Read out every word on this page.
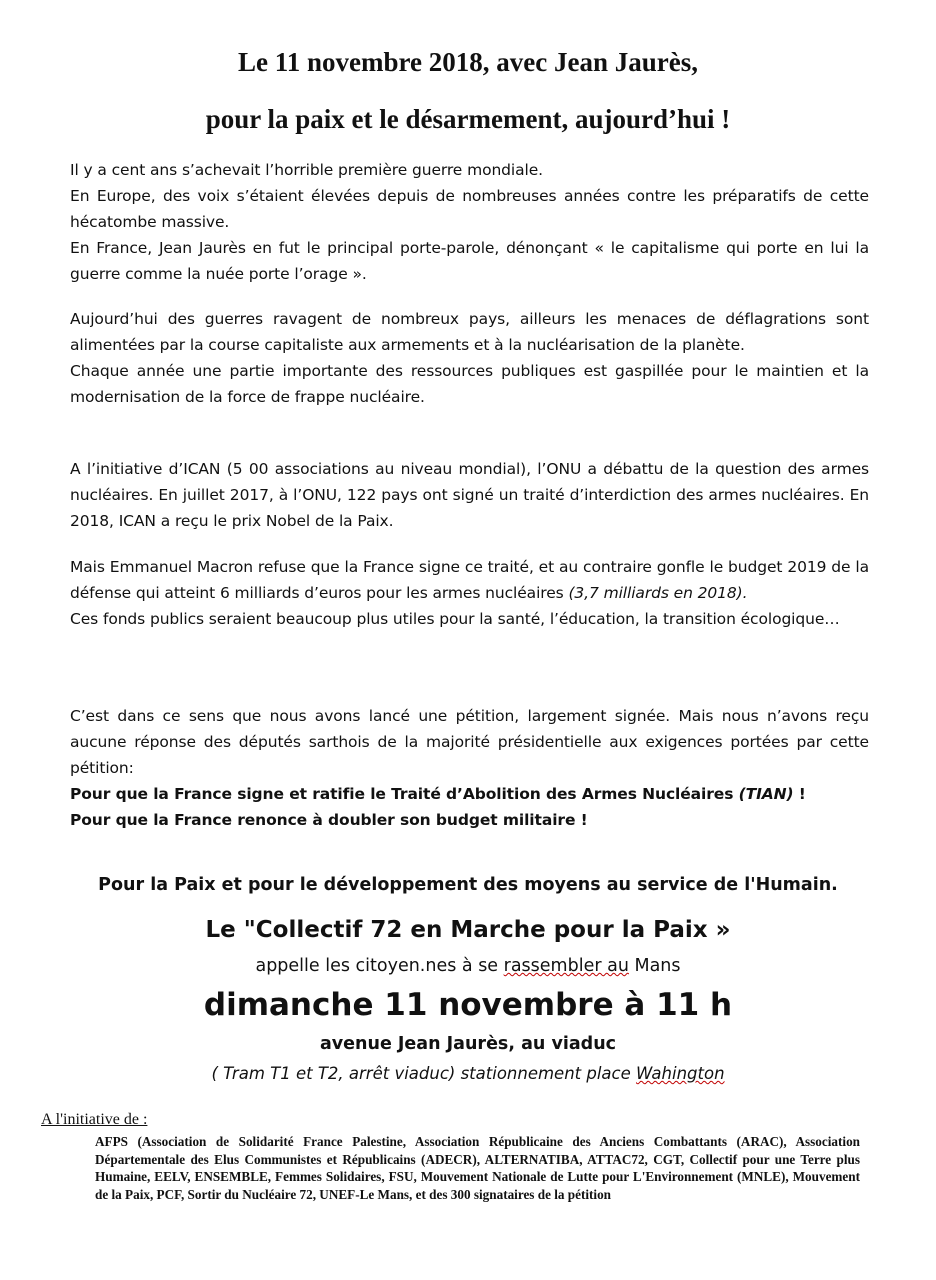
Le 11 novembre 2018, avec Jean Jaurès,
pour la paix et le désarmement, aujourd’hui !

Il y a cent ans s’achevait l’horrible première guerre mondiale.

En Europe, des voix s’étaient élevées depuis de nombreuses années contre les préparatifs de cette hécatombe massive.

En France, Jean Jaurès en fut le principal porte-parole, dénonçant « le capitalisme qui porte en lui la guerre comme la nuée porte l’orage ».

Aujourd’hui des guerres ravagent de nombreux pays, ailleurs les menaces de déflagrations sont alimentées par la course capitaliste aux armements et à la nucléarisation de la planète.

Chaque année une partie importante des ressources publiques est gaspillée pour le maintien et la modernisation de la force de frappe nucléaire.

A l’initiative d’ICAN (5 00 associations au niveau mondial), l’ONU a débattu de la question des armes nucléaires. En juillet 2017, à l’ONU, 122 pays ont signé un traité d’interdiction des armes nucléaires. En 2018, ICAN a reçu le prix Nobel de la Paix.

Mais Emmanuel Macron refuse que la France signe ce traité, et au contraire gonfle le budget 2019 de la défense qui atteint 6 milliards d’euros pour les armes nucléaires (3,7 milliards en 2018).

Ces fonds publics seraient beaucoup plus utiles pour la santé, l’éducation, la transition écologique…

C’est dans ce sens que nous avons lancé une pétition, largement signée. Mais nous n’avons reçu aucune réponse des députés sarthois de la majorité présidentielle aux exigences portées par cette pétition:

Pour que la France signe et ratifie le Traité d’Abolition des Armes Nucléaires (TIAN) !

Pour que la France renonce à doubler son budget militaire !

Pour la Paix et pour le développement des moyens au service de l'Humain.
Le "Collectif 72 en Marche pour la Paix »
appelle les citoyen.nes à se rassembler au Mans
dimanche 11 novembre à 11 h
avenue Jean Jaurès, au viaduc
( Tram T1 et T2, arrêt viaduc) stationnement place Wahington
A l'initiative de :
AFPS (Association de Solidarité France Palestine, Association Républicaine des Anciens Combattants (ARAC), Association Départementale des Elus Communistes et Républicains (ADECR), ALTERNATIBA, ATTAC72, CGT, Collectif pour une Terre plus Humaine, EELV, ENSEMBLE, Femmes Solidaires, FSU, Mouvement Nationale de Lutte pour L'Environnement (MNLE), Mouvement de la Paix, PCF, Sortir du Nucléaire 72, UNEF-Le Mans, et des 300 signataires de la pétition
